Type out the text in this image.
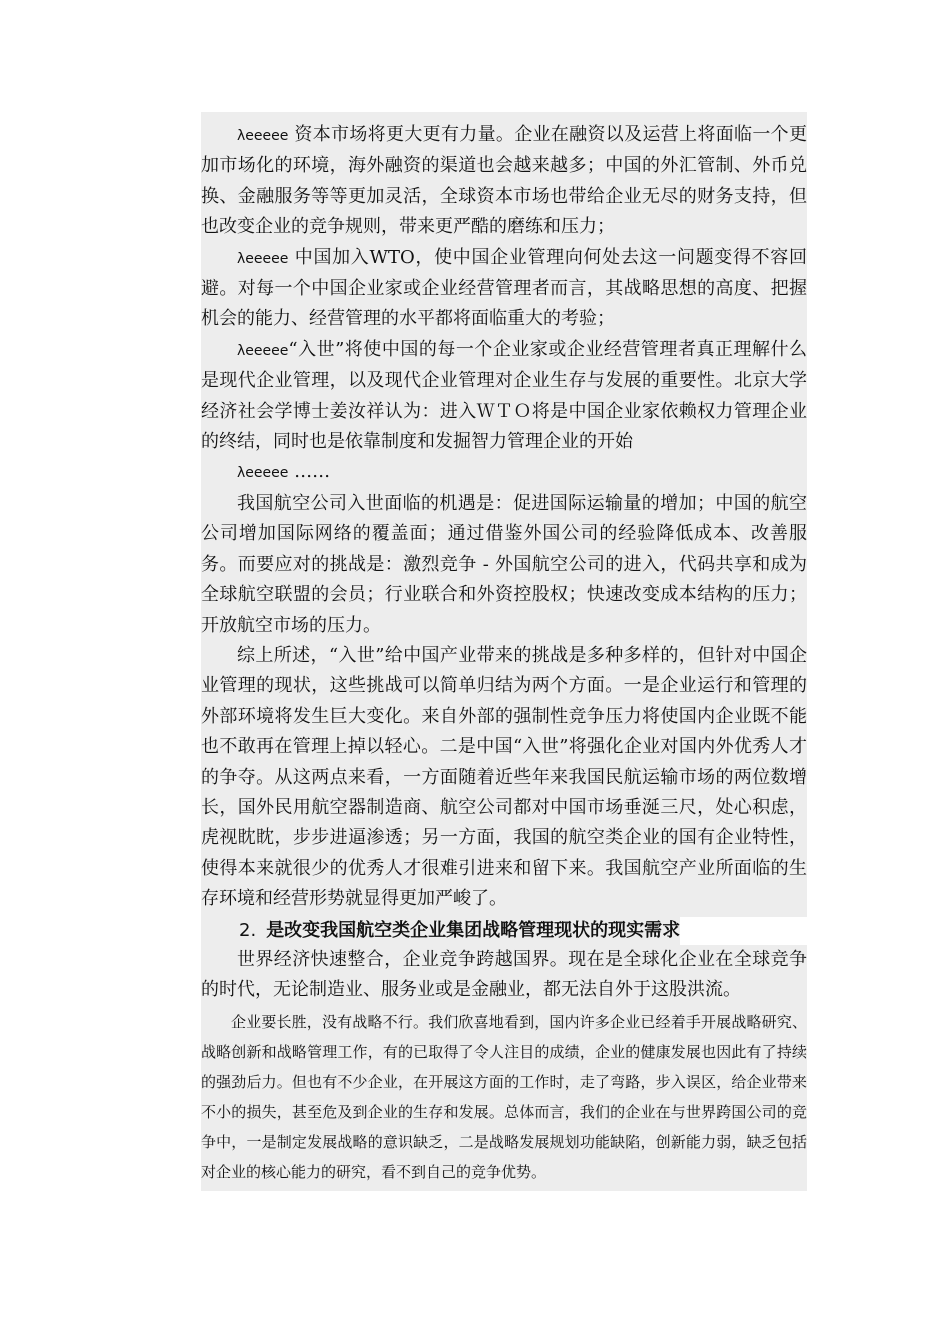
λeeeee 资本市场将更大更有力量。企业在融资以及运营上将面临一个更加市场化的环境，海外融资的渠道也会越来越多；中国的外汇管制、外币兑换、金融服务等等更加灵活，全球资本市场也带给企业无尽的财务支持，但也改变企业的竞争规则，带来更严酷的磨练和压力；

λeeeee 中国加入WTO，使中国企业管理向何处去这一问题变得不容回避。对每一个中国企业家或企业经营管理者而言，其战略思想的高度、把握机会的能力、经营管理的水平都将面临重大的考验；

λeeeee“入世”将使中国的每一个企业家或企业经营管理者真正理解什么是现代企业管理，以及现代企业管理对企业生存与发展的重要性。北京大学经济社会学博士姜汝祥认为：进入ＷＴＯ将是中国企业家依赖权力管理企业的终结，同时也是依靠制度和发掘智力管理企业的开始

λeeeee ……

我国航空公司入世面临的机遇是：促进国际运输量的增加；中国的航空公司增加国际网络的覆盖面；通过借鉴外国公司的经验降低成本、改善服务。而要应对的挑战是：激烈竞争 - 外国航空公司的进入，代码共享和成为全球航空联盟的会员；行业联合和外资控股权；快速改变成本结构的压力；开放航空市场的压力。

综上所述，“入世”给中国产业带来的挑战是多种多样的，但针对中国企业管理的现状，这些挑战可以简单归结为两个方面。一是企业运行和管理的外部环境将发生巨大变化。来自外部的强制性竞争压力将使国内企业既不能也不敢再在管理上掉以轻心。二是中国“入世”将强化企业对国内外优秀人才的争夺。从这两点来看，一方面随着近些年来我国民航运输市场的两位数增长，国外民用航空器制造商、航空公司都对中国市场垂涎三尺，处心积虑，虎视眈眈，步步进逼渗透；另一方面，我国的航空类企业的国有企业特性，使得本来就很少的优秀人才很难引进来和留下来。我国航空产业所面临的生存环境和经营形势就显得更加严峻了。

2. 是改变我国航空类企业集团战略管理现状的现实需求

世界经济快速整合，企业竞争跨越国界。现在是全球化企业在全球竞争的时代，无论制造业、服务业或是金融业，都无法自外于这股洪流。

企业要长胜，没有战略不行。我们欣喜地看到，国内许多企业已经着手开展战略研究、战略创新和战略管理工作，有的已取得了令人注目的成绩，企业的健康发展也因此有了持续的强劲后力。但也有不少企业，在开展这方面的工作时，走了弯路，步入误区，给企业带来不小的损失，甚至危及到企业的生存和发展。总体而言，我们的企业在与世界跨国公司的竞争中，一是制定发展战略的意识缺乏，二是战略发展规划功能缺陷，创新能力弱，缺乏包括对企业的核心能力的研究，看不到自己的竞争优势。
